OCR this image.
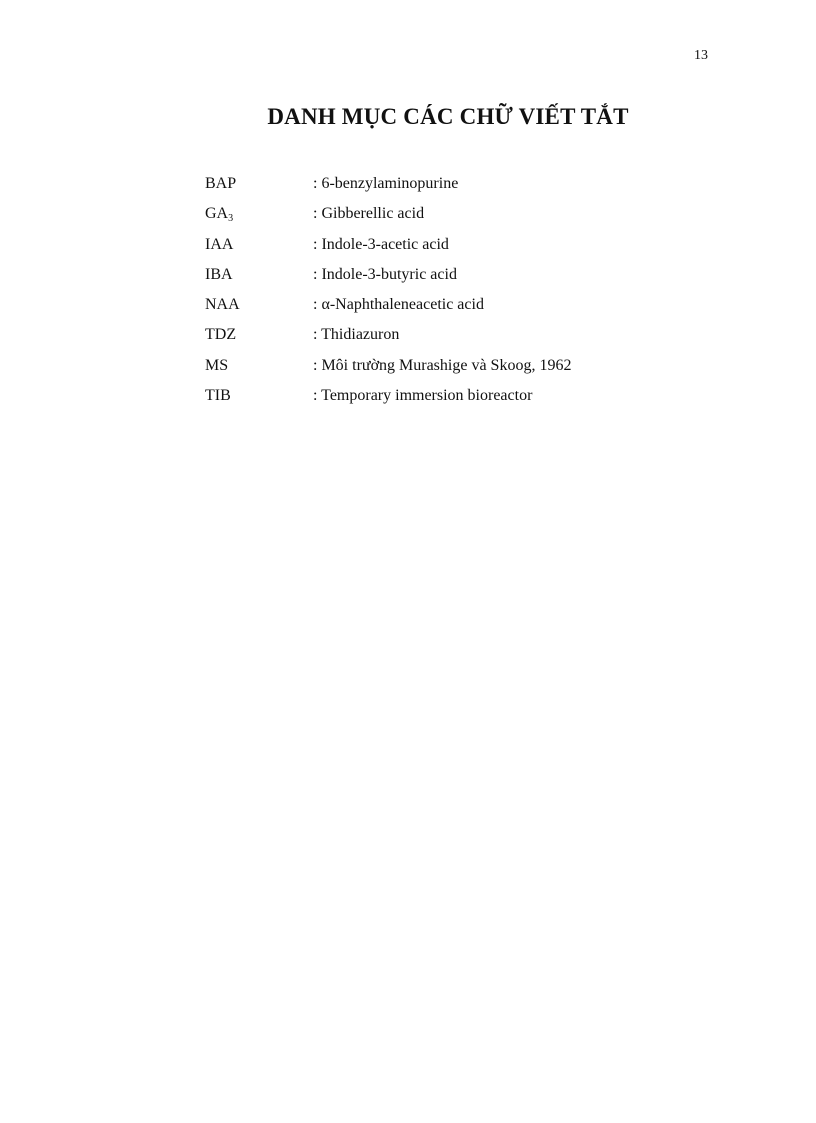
13
DANH MỤC CÁC CHỮ VIẾT TẮT
BAP	: 6-benzylaminopurine
$GA_3$	: Gibberellic acid
IAA	: Indole-3-acetic acid
IBA	: Indole-3-butyric acid
NAA	: α-Naphthaleneacetic acid
TDZ	: Thidiazuron
MS	: Môi trường Murashige và Skoog, 1962
TIB	: Temporary immersion bioreactor
